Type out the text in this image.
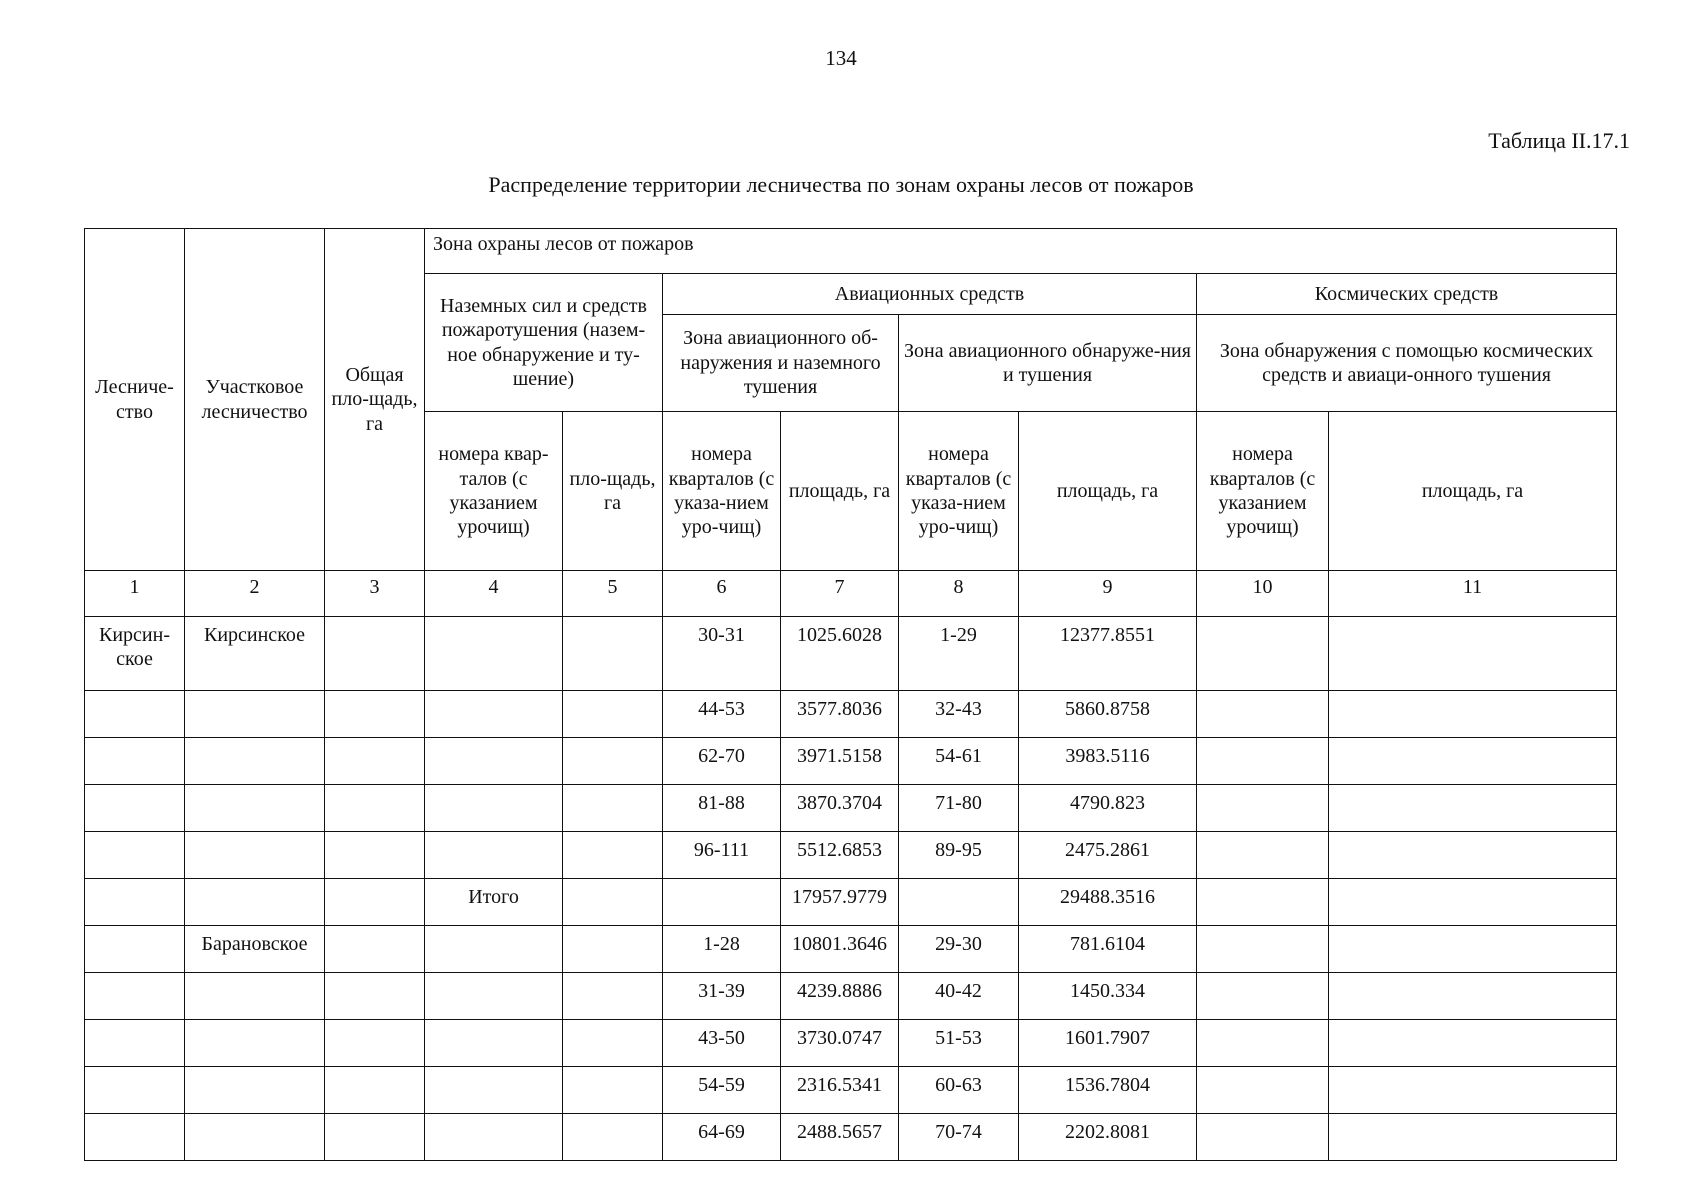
134
Таблица II.17.1
Распределение территории лесничества по зонам охраны лесов от пожаров
Лесниче-ство	Участковое лесничество	Общая пло-щадь, га	Зона охраны лесов от пожаров							
			Наземных сил и средств пожаротушения (назем-ное обнаружение и ту-шение)		Авиационных средств				Космических средств	
					Зона авиационного об-наружения и наземного тушения		Зона авиационного обнаруже-ния и тушения		Зона обнаружения с помощью космических средств и авиаци-онного тушения	
			номера квар-талов (с указанием урочищ)	пло-щадь, га	номера кварталов (с указа-нием уро-чищ)	площадь, га	номера кварталов (с указа-нием уро-чищ)	площадь, га	номера кварталов (с указанием урочищ)	площадь, га
1	2	3	4	5	6	7	8	9	10	11
Кирсин-ское	Кирсинское				30-31	1025.6028	1-29	12377.8551		
					44-53	3577.8036	32-43	5860.8758		
					62-70	3971.5158	54-61	3983.5116		
					81-88	3870.3704	71-80	4790.823		
					96-111	5512.6853	89-95	2475.2861		
			Итого			17957.9779		29488.3516		
	Барановское				1-28	10801.3646	29-30	781.6104		
					31-39	4239.8886	40-42	1450.334		
					43-50	3730.0747	51-53	1601.7907		
					54-59	2316.5341	60-63	1536.7804		
					64-69	2488.5657	70-74	2202.8081		
